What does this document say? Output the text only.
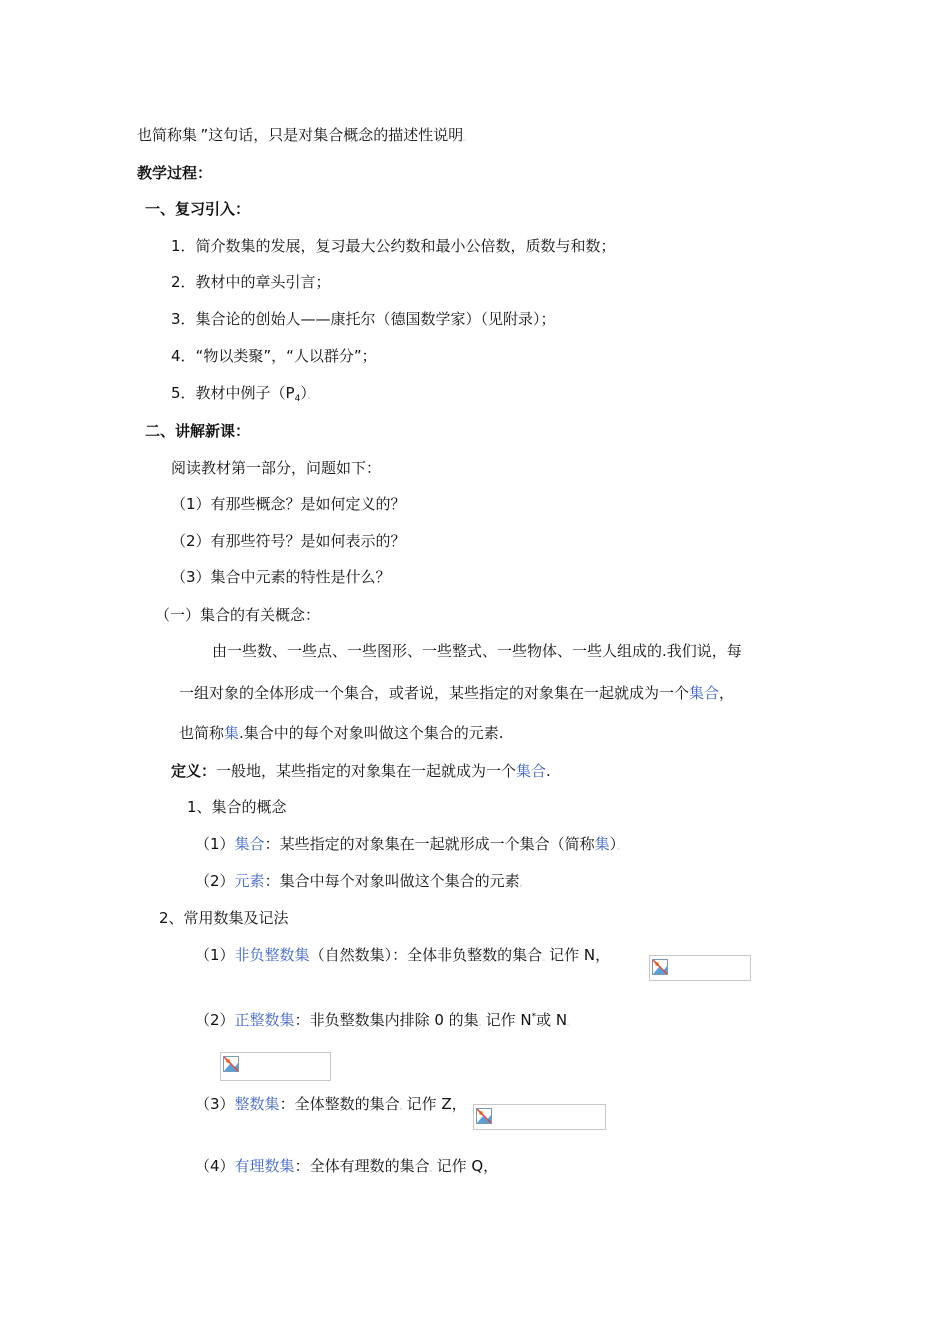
也简称集。”这句话，只是对集合概念的描述性说明。
教学过程：
一、复习引入：
1．简介数集的发展，复习最大公约数和最小公倍数，质数与和数；
2．教材中的章头引言；
3．集合论的创始人——康托尔（德国数学家）（见附录）；
4．“物以类聚”，“人以群分”；
5．教材中例子$(P_4)$。
二、讲解新课：
阅读教材第一部分，问题如下：
（1）有那些概念？是如何定义的？
（2）有那些符号？是如何表示的？
（3）集合中元素的特性是什么？
（一）集合的有关概念：
由一些数、一些点、一些图形、一些整式、一些物体、一些人组成的.我们说，每
一组对象的全体形成一个集合，或者说，某些指定的对象集在一起就成为一个集合，
也简称集.集合中的每个对象叫做这个集合的元素.
定义：一般地，某些指定的对象集在一起就成为一个集合.
1、集合的概念
（1）集合：某些指定的对象集在一起就形成一个集合（简称集）。
（2）元素：集合中每个对象叫做这个集合的元素。
2、常用数集及记法
（1）非负整数集（自然数集）：全体非负整数的集合。记作 N，
（2）正整数集：非负整数集内排除 0 的集。记作 N*或 N。
（3）整数集：全体整数的集合。记作 Z，
（4）有理数集：全体有理数的集合。记作 Q，
